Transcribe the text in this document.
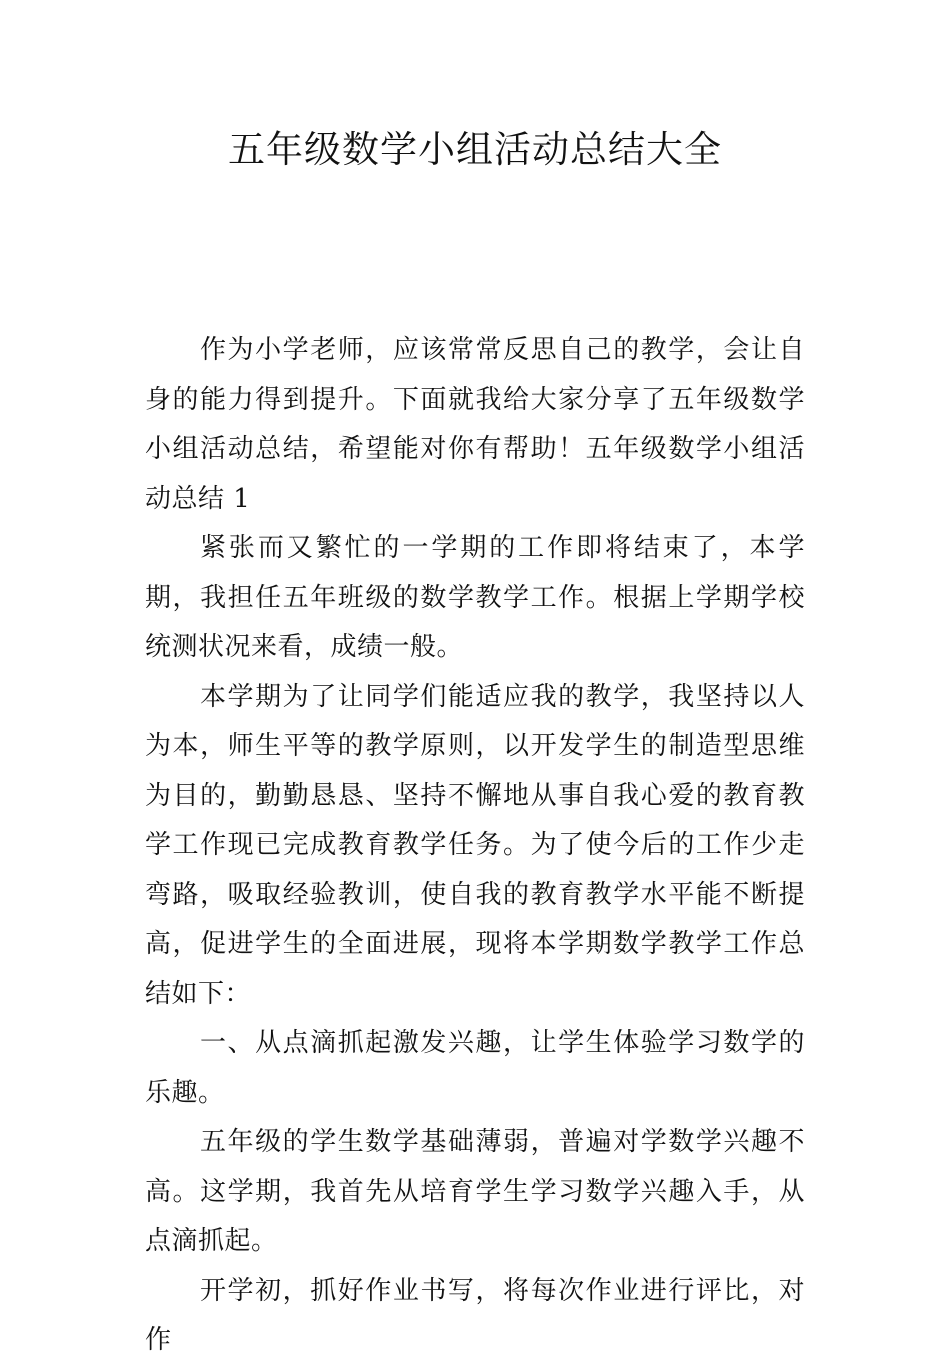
五年级数学小组活动总结大全

作为小学老师，应该常常反思自己的教学，会让自身的能力得到提升。下面就我给大家分享了五年级数学小组活动总结，希望能对你有帮助！五年级数学小组活动总结 1

紧张而又繁忙的一学期的工作即将结束了，本学期，我担任五年班级的数学教学工作。根据上学期学校统测状况来看，成绩一般。

本学期为了让同学们能适应我的教学，我坚持以人为本，师生平等的教学原则，以开发学生的制造型思维为目的，勤勤恳恳、坚持不懈地从事自我心爱的教育教学工作现已完成教育教学任务。为了使今后的工作少走弯路，吸取经验教训，使自我的教育教学水平能不断提高，促进学生的全面进展，现将本学期数学教学工作总结如下：

一、从点滴抓起激发兴趣，让学生体验学习数学的乐趣。

五年级的学生数学基础薄弱，普遍对学数学兴趣不高。这学期，我首先从培育学生学习数学兴趣入手，从点滴抓起。

开学初，抓好作业书写，将每次作业进行评比，对作
